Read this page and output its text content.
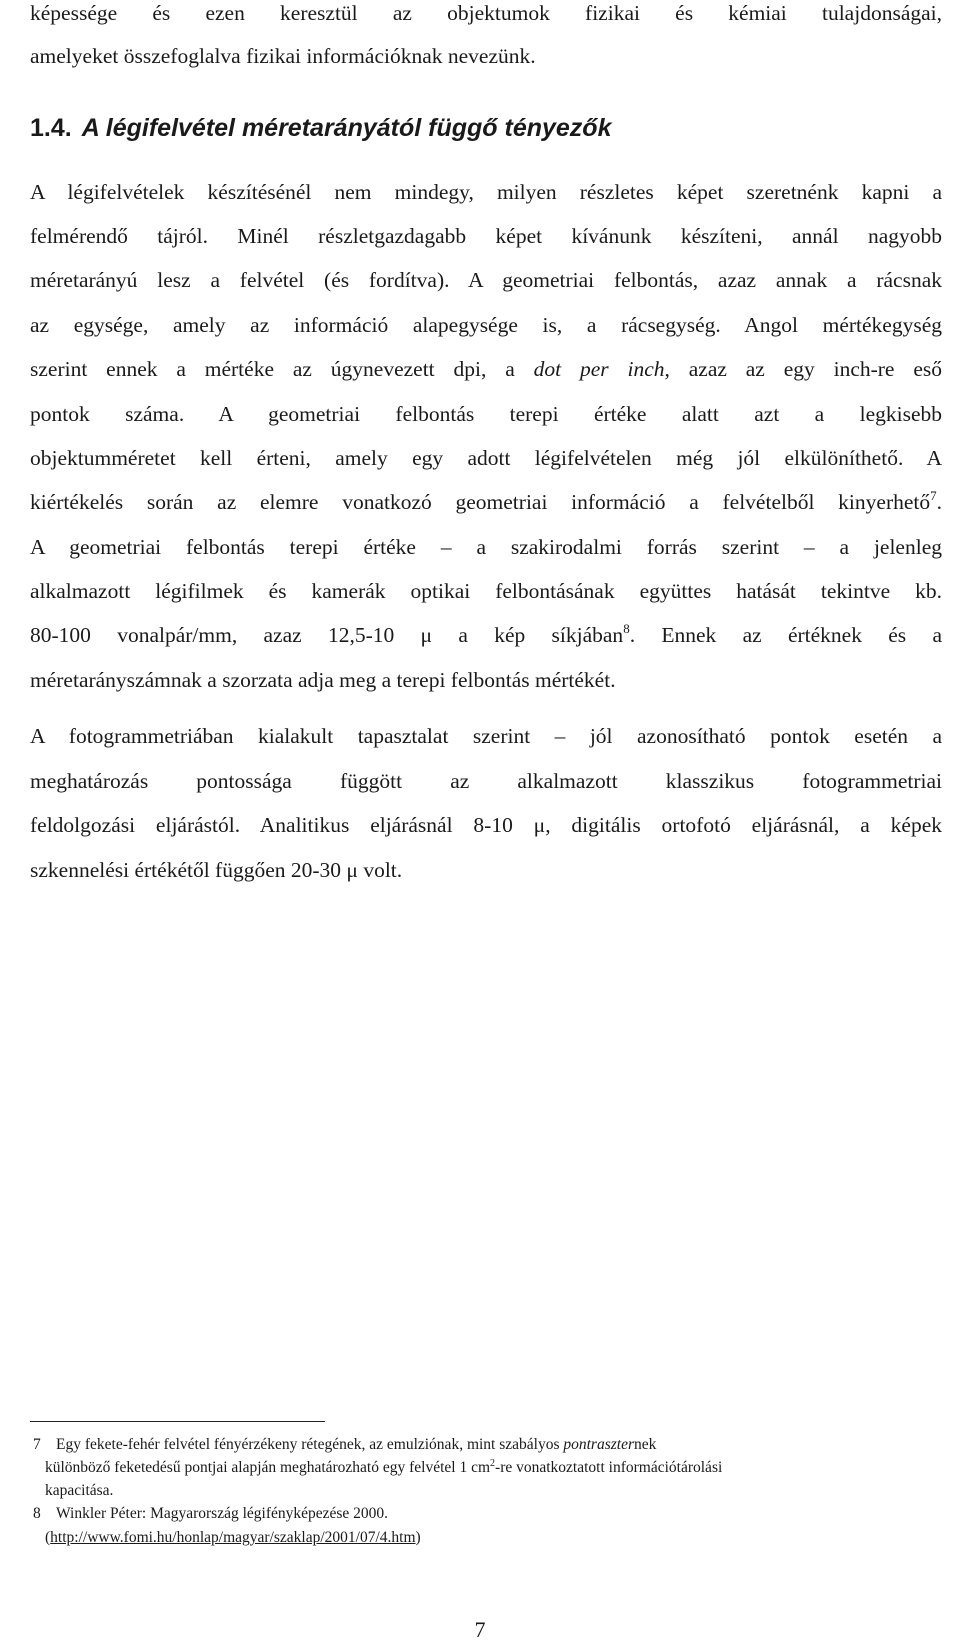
képessége és ezen keresztül az objektumok fizikai és kémiai tulajdonságai,
amelyeket összefoglalva fizikai információknak nevezünk.
1.4. A légifelvétel méretarányától függő tényezők
A légifelvételek készítésénél nem mindegy, milyen részletes képet szeretnénk kapni a
felmérendő tájról. Minél részletgazdagabb képet kívánunk készíteni, annál nagyobb
méretarányú lesz a felvétel (és fordítva). A geometriai felbontás, azaz annak a rácsnak
az egysége, amely az információ alapegysége is, a rácsegység. Angol mértékegység
szerint ennek a mértéke az úgynevezett dpi, a dot per inch, azaz az egy inch-re eső
pontok száma. A geometriai felbontás terepi értéke alatt azt a legkisebb
objektumméretet kell érteni, amely egy adott légifelvételen még jól elkülöníthető. A
kiértékelés során az elemre vonatkozó geometriai információ a felvételből kinyerhető$^7$.
A geometriai felbontás terepi értéke – a szakirodalmi forrás szerint – a jelenleg
alkalmazott légifilmek és kamerák optikai felbontásának együttes hatását tekintve kb.
80-100 vonalpár/mm, azaz 12,5-10 μ a kép síkjában$^8$. Ennek az értéknek és a
méretarányszámnak a szorzata adja meg a terepi felbontás mértékét.
A fotogrammetriában kialakult tapasztalat szerint – jól azonosítható pontok esetén a
meghatározás pontossága függött az alkalmazott klasszikus fotogrammetriai
feldolgozási eljárástól. Analitikus eljárásnál 8-10 μ, digitális ortofotó eljárásnál, a képek
szkennelési értékétől függően 20-30 μ volt.
7 Egy fekete-fehér felvétel fényérzékeny rétegének, az emulziónak, mint szabályos pontraszternek
különböző feketedésű pontjai alapján meghatározható egy felvétel 1 $cm^2-re$ vonatkoztatott információtárolási
kapacitása.
8 Winkler Péter: Magyarország légifényképezése 2000.
(http://www.fomi.hu/honlap/magyar/szaklap/2001/07/4.htm)
7
